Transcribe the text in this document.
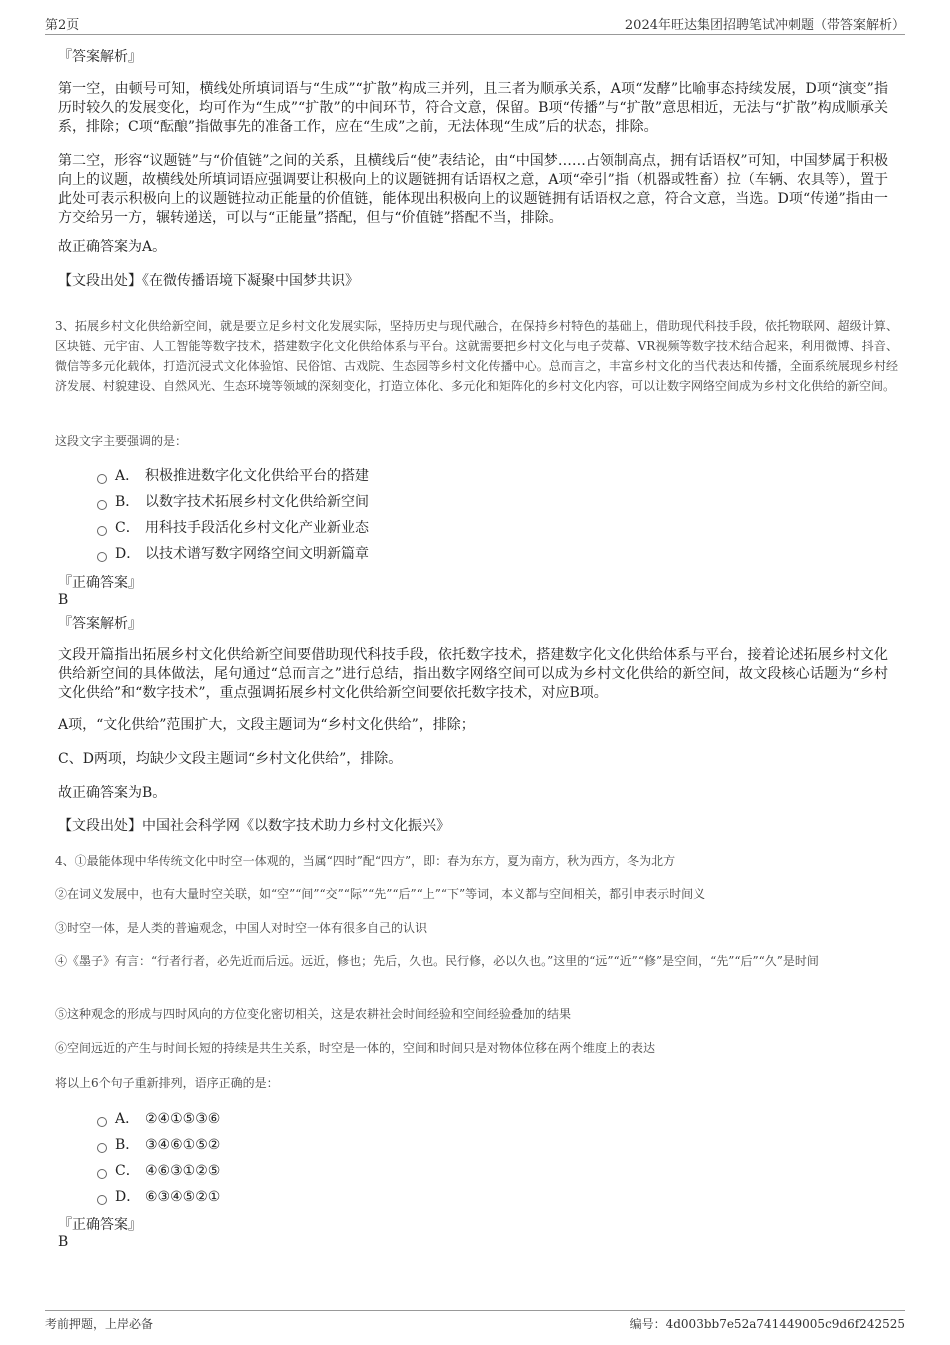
第2页	2024年旺达集团招聘笔试冲刺题（带答案解析）
『答案解析』
第一空，由顿号可知，横线处所填词语与“生成”“扩散”构成三并列，且三者为顺承关系，A项“发酵”比喻事态持续发展，D项“演变”指历时较久的发展变化，均可作为“生成”“扩散”的中间环节，符合文意，保留。B项“传播”与“扩散”意思相近，无法与“扩散”构成顺承关系，排除；C项“酝酿”指做事先的准备工作，应在“生成”之前，无法体现“生成”后的状态，排除。
第二空，形容“议题链”与“价值链”之间的关系，且横线后“使”表结论，由“中国梦……占领制高点，拥有话语权”可知，中国梦属于积极向上的议题，故横线处所填词语应强调要让积极向上的议题链拥有话语权之意，A项“牵引”指（机器或牲畜）拉（车辆、农具等），置于此处可表示积极向上的议题链拉动正能量的价值链，能体现出积极向上的议题链拥有话语权之意，符合文意，当选。D项“传递”指由一方交给另一方，辗转递送，可以与“正能量”搭配，但与“价值链”搭配不当，排除。
故正确答案为A。
【文段出处】《在微传播语境下凝聚中国梦共识》
3、拓展乡村文化供给新空间，就是要立足乡村文化发展实际，坚持历史与现代融合，在保持乡村特色的基础上，借助现代科技手段，依托物联网、超级计算、区块链、元宇宙、人工智能等数字技术，搭建数字化文化供给体系与平台。这就需要把乡村文化与电子荧幕、VR视频等数字技术结合起来，利用微博、抖音、微信等多元化载体，打造沉浸式文化体验馆、民俗馆、古戏院、生态园等乡村文化传播中心。总而言之，丰富乡村文化的当代表达和传播，全面系统展现乡村经济发展、村貌建设、自然风光、生态环境等领域的深刻变化，打造立体化、多元化和矩阵化的乡村文化内容，可以让数字网络空间成为乡村文化供给的新空间。
这段文字主要强调的是：
A． 积极推进数字化文化供给平台的搭建
B． 以数字技术拓展乡村文化供给新空间
C． 用科技手段活化乡村文化产业新业态
D． 以技术谱写数字网络空间文明新篇章
『正确答案』
B
『答案解析』
文段开篇指出拓展乡村文化供给新空间要借助现代科技手段，依托数字技术，搭建数字化文化供给体系与平台，接着论述拓展乡村文化供给新空间的具体做法，尾句通过“总而言之”进行总结，指出数字网络空间可以成为乡村文化供给的新空间，故文段核心话题为“乡村文化供给”和“数字技术”，重点强调拓展乡村文化供给新空间要依托数字技术，对应B项。
A项，“文化供给”范围扩大，文段主题词为“乡村文化供给”，排除；
C、D两项，均缺少文段主题词“乡村文化供给”，排除。
故正确答案为B。
【文段出处】中国社会科学网《以数字技术助力乡村文化振兴》
4、①最能体现中华传统文化中时空一体观的，当属“四时”配“四方”，即：春为东方，夏为南方，秋为西方，冬为北方
②在词义发展中，也有大量时空关联，如“空”“间”“交”“际”“先”“后”“上”“下”等词，本义都与空间相关，都引申表示时间义
③时空一体，是人类的普遍观念，中国人对时空一体有很多自己的认识
④《墨子》有言：“行者行者，必先近而后远。远近，修也；先后，久也。民行修，必以久也。”这里的“远”“近”“修”是空间，“先”“后”“久”是时间
⑤这种观念的形成与四时风向的方位变化密切相关，这是农耕社会时间经验和空间经验叠加的结果
⑥空间远近的产生与时间长短的持续是共生关系，时空是一体的，空间和时间只是对物体位移在两个维度上的表达
将以上6个句子重新排列，语序正确的是：
A． ②④①⑤③⑥
B． ③④⑥①⑤②
C． ④⑥③①②⑤
D． ⑥③④⑤②①
『正确答案』
B
考前押题，上岸必备	编号：4d003bb7e52a741449005c9d6f242525
